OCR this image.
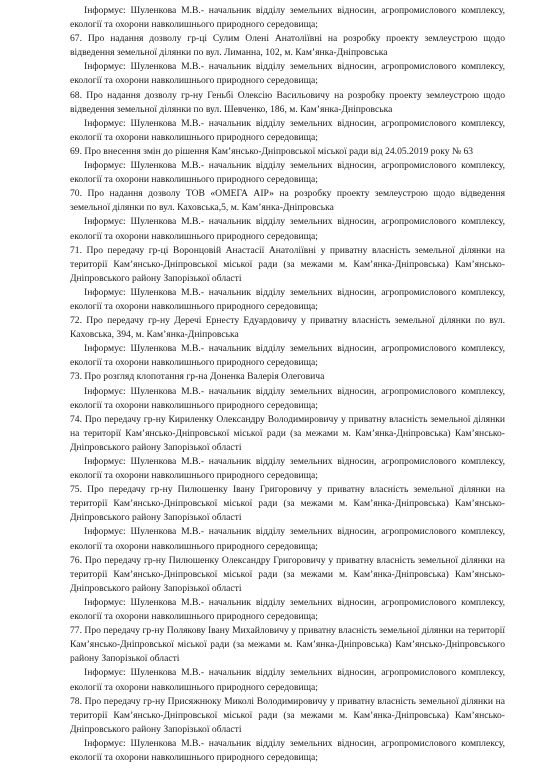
Інформує: Шуленкова М.В.- начальник відділу земельних відносин, агропромислового комплексу, екології та охорони навколишнього природного середовища;

67. Про надання дозволу гр-ці Сулим Олені Анатоліївні на розробку проекту землеустрою щодо відведення земельної ділянки по вул. Лиманна, 102, м. Кам’янка-Дніпровська

Інформує: Шуленкова М.В.- начальник відділу земельних відносин, агропромислового комплексу, екології та охорони навколишнього природного середовища;

68. Про надання дозволу гр-ну Геньбі Олексію Васильовичу на розробку проекту землеустрою щодо відведення земельної ділянки по вул. Шевченко, 186, м. Кам’янка-Дніпровська

Інформує: Шуленкова М.В.- начальник відділу земельних відносин, агропромислового комплексу, екології та охорони навколишнього природного середовища;

69. Про внесення змін до рішення Кам’янсько-Дніпровської міської ради від 24.05.2019 року № 63

Інформує: Шуленкова М.В.- начальник відділу земельних відносин, агропромислового комплексу, екології та охорони навколишнього природного середовища;

70. Про надання дозволу ТОВ «ОМЕГА АІР» на розробку проекту землеустрою щодо відведення земельної ділянки по вул. Каховська,5, м. Кам’янка-Дніпровська

Інформує: Шуленкова М.В.- начальник відділу земельних відносин, агропромислового комплексу, екології та охорони навколишнього природного середовища;

71. Про передачу гр-ці Воронцовій Анастасії Анатоліївні у приватну власність земельної ділянки на території Кам’янсько-Дніпровської міської ради (за межами м. Кам’янка-Дніпровська) Кам’янсько-Дніпровського району Запорізької області

Інформує: Шуленкова М.В.- начальник відділу земельних відносин, агропромислового комплексу, екології та охорони навколишнього природного середовища;

72. Про передачу гр-ну Деречі Ернесту Едуардовичу у приватну власність земельної ділянки по вул. Каховська, 394, м. Кам’янка-Дніпровська

Інформує: Шуленкова М.В.- начальник відділу земельних відносин, агропромислового комплексу, екології та охорони навколишнього природного середовища;

73. Про розгляд клопотання гр-на Доненка Валерія Олеговича

Інформує: Шуленкова М.В.- начальник відділу земельних відносин, агропромислового комплексу, екології та охорони навколишнього природного середовища;

74. Про передачу гр-ну Кириленку Олександру Володимировичу у приватну власність земельної ділянки на території Кам’янсько-Дніпровської міської ради (за межами м. Кам’янка-Дніпровська) Кам’янсько-Дніпровського району Запорізької області

Інформує: Шуленкова М.В.- начальник відділу земельних відносин, агропромислового комплексу, екології та охорони навколишнього природного середовища;

75. Про передачу гр-ну Пилюшенку Івану Григоровичу у приватну власність земельної ділянки на території Кам’янсько-Дніпровської міської ради (за межами м. Кам’янка-Дніпровська) Кам’янсько-Дніпровського району Запорізької області

Інформує: Шуленкова М.В.- начальник відділу земельних відносин, агропромислового комплексу, екології та охорони навколишнього природного середовища;

76. Про передачу гр-ну Пилюшенку Олександру Григоровичу у приватну власність земельної ділянки на території Кам’янсько-Дніпровської міської ради (за межами м. Кам’янка-Дніпровська) Кам’янсько-Дніпровського району Запорізької області

Інформує: Шуленкова М.В.- начальник відділу земельних відносин, агропромислового комплексу, екології та охорони навколишнього природного середовища;

77. Про передачу гр-ну Полякову Івану Михайловичу у приватну власність земельної ділянки на території Кам’янсько-Дніпровської міської ради (за межами м. Кам’янка-Дніпровська) Кам’янсько-Дніпровського району Запорізької області

Інформує: Шуленкова М.В.- начальник відділу земельних відносин, агропромислового комплексу, екології та охорони навколишнього природного середовища;

78. Про передачу гр-ну Присяжнюку Миколі Володимировичу у приватну власність земельної ділянки на території Кам’янсько-Дніпровської міської ради (за межами м. Кам’янка-Дніпровська) Кам’янсько-Дніпровського району Запорізької області

Інформує: Шуленкова М.В.- начальник відділу земельних відносин, агропромислового комплексу, екології та охорони навколишнього природного середовища;
